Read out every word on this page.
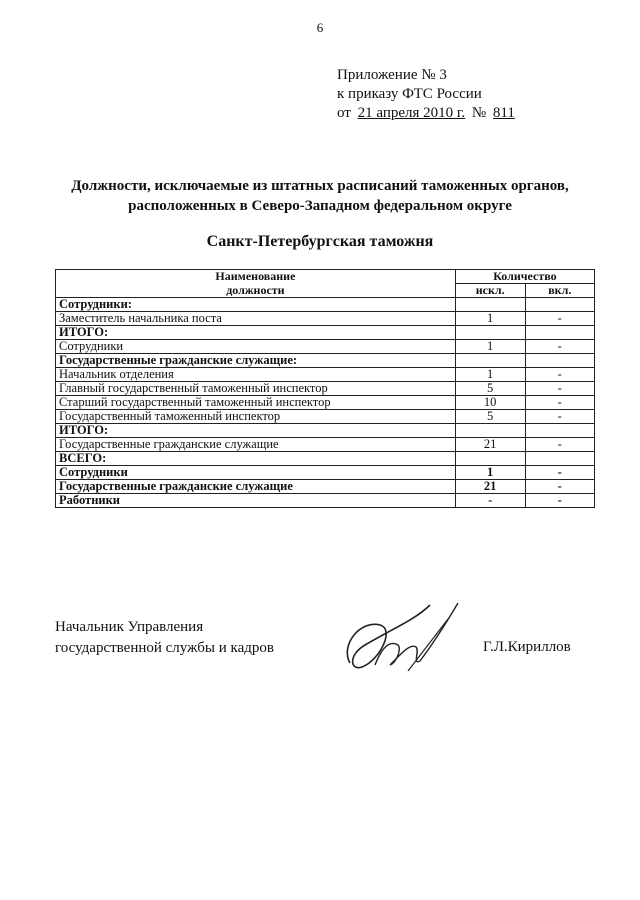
6
Приложение № 3
к приказу ФТС России
от 21 апреля 2010 г. № 811
Должности, исключаемые из штатных расписаний таможенных органов,
расположенных в Северо-Западном федеральном округе
Санкт-Петербургская таможня
Наименование	Количество	
должности	искл.	вкл.
Сотрудники:		
Заместитель начальника поста	1	-
ИТОГО:		
Сотрудники	1	-
Государственные гражданские служащие:		
Начальник отделения	1	-
Главный государственный таможенный инспектор	5	-
Старший государственный таможенный инспектор	10	-
Государственный таможенный инспектор	5	-
ИТОГО:		
Государственные гражданские служащие	21	-
ВСЕГО:		
Сотрудники	1	-
Государственные гражданские служащие	21	-
Работники	-	-
Начальник Управления
государственной службы и кадров	Г.Л.Кириллов
